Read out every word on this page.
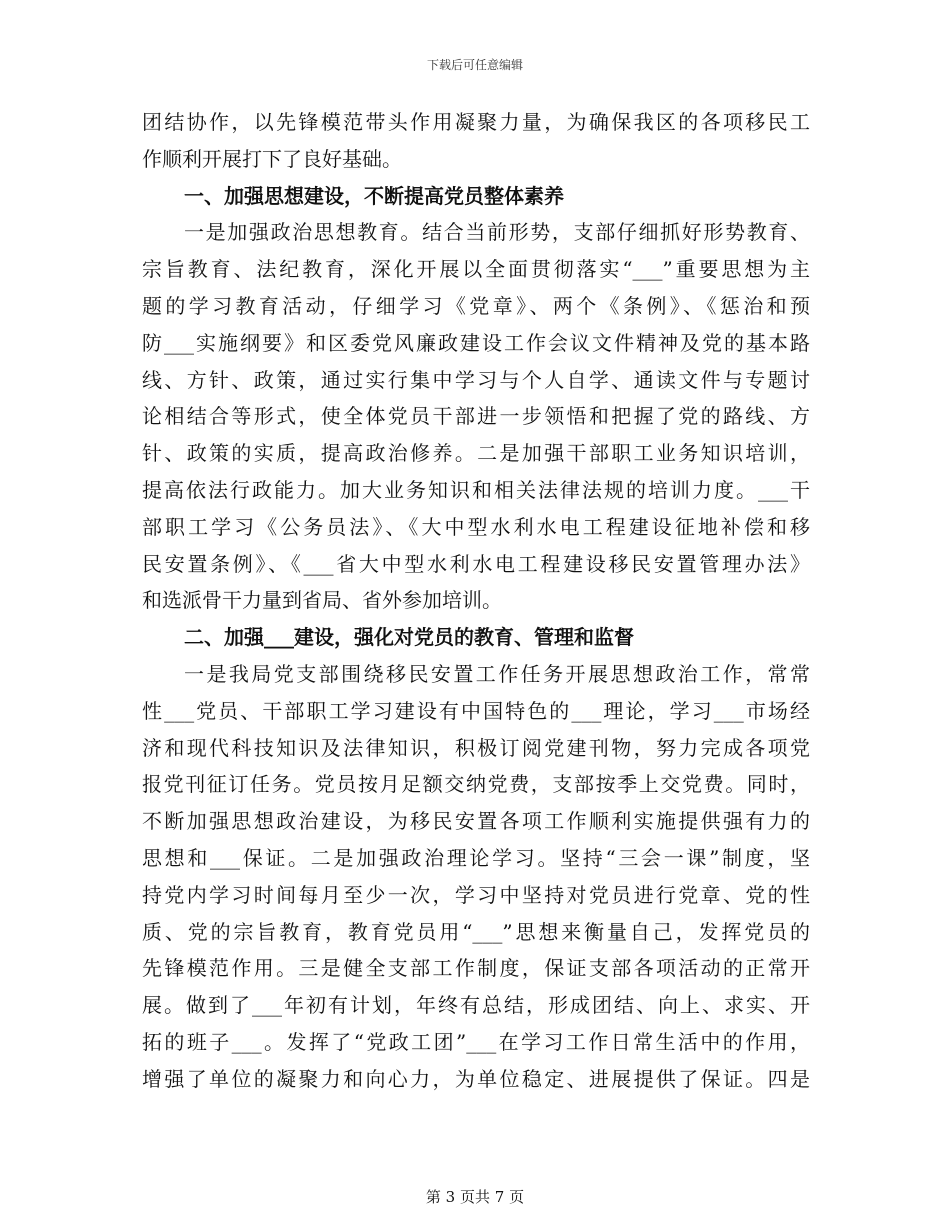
下载后可任意编辑
团结协作，以先锋模范带头作用凝聚力量，为确保我区的各项移民工
作顺利开展打下了良好基础。
一、加强思想建设，不断提高党员整体素养
一是加强政治思想教育。结合当前形势，支部仔细抓好形势教育、
宗旨教育、法纪教育，深化开展以全面贯彻落实“___”重要思想为主
题的学习教育活动，仔细学习《党章》、两个《条例》、《惩治和预
防___实施纲要》和区委党风廉政建设工作会议文件精神及党的基本路
线、方针、政策，通过实行集中学习与个人自学、通读文件与专题讨
论相结合等形式，使全体党员干部进一步领悟和把握了党的路线、方
针、政策的实质，提高政治修养。二是加强干部职工业务知识培训，
提高依法行政能力。加大业务知识和相关法律法规的培训力度。___干
部职工学习《公务员法》、《大中型水利水电工程建设征地补偿和移
民安置条例》、《___省大中型水利水电工程建设移民安置管理办法》
和选派骨干力量到省局、省外参加培训。
二、加强___建设，强化对党员的教育、管理和监督
一是我局党支部围绕移民安置工作任务开展思想政治工作，常常
性___党员、干部职工学习建设有中国特色的___理论，学习___市场经
济和现代科技知识及法律知识，积极订阅党建刊物，努力完成各项党
报党刊征订任务。党员按月足额交纳党费，支部按季上交党费。同时，
不断加强思想政治建设，为移民安置各项工作顺利实施提供强有力的
思想和___保证。二是加强政治理论学习。坚持“三会一课”制度，坚
持党内学习时间每月至少一次，学习中坚持对党员进行党章、党的性
质、党的宗旨教育，教育党员用“___”思想来衡量自己，发挥党员的
先锋模范作用。三是健全支部工作制度，保证支部各项活动的正常开
展。做到了___年初有计划，年终有总结，形成团结、向上、求实、开
拓的班子___。发挥了“党政工团”___在学习工作日常生活中的作用，
增强了单位的凝聚力和向心力，为单位稳定、进展提供了保证。四是
第 3 页共 7 页
